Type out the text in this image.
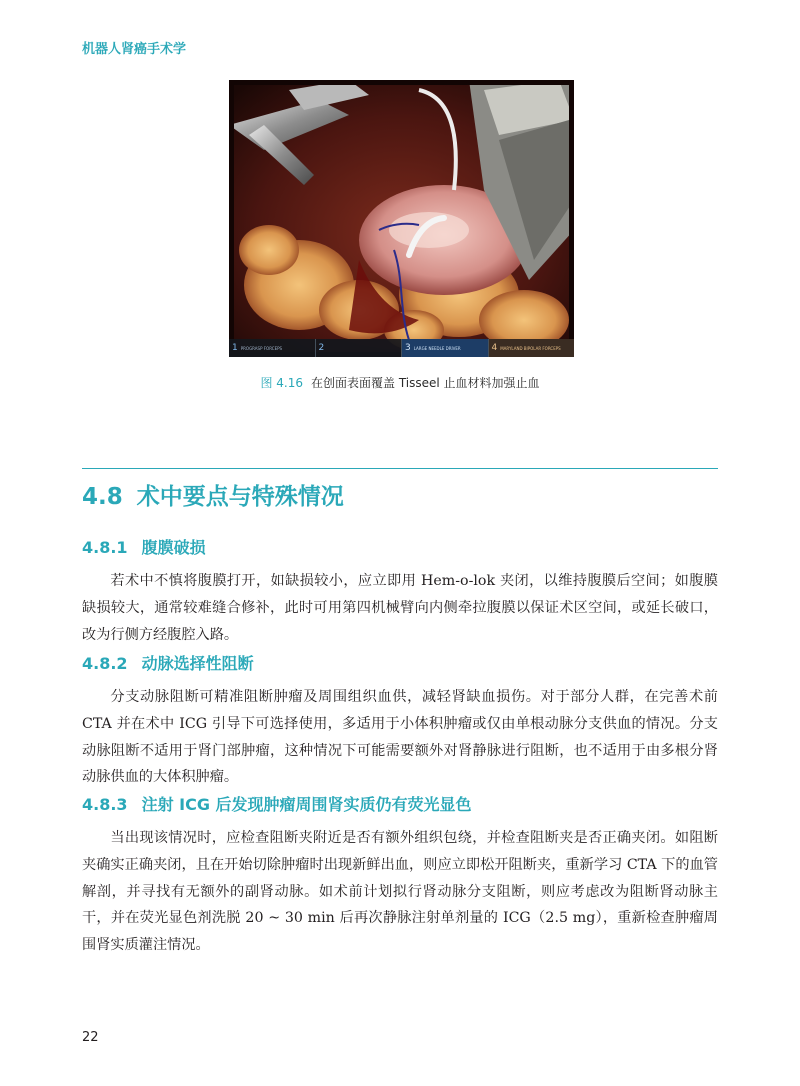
机器人肾癌手术学
1 PROGRASP FORCEPS	2	3 LARGE NEEDLE DRIVER	4 MARYLAND BIPOLAR FORCEPS
图 4.16 在创面表面覆盖 Tisseel 止血材料加强止血
4.8 术中要点与特殊情况
4.8.1 腹膜破损
若术中不慎将腹膜打开，如缺损较小，应立即用 Hem-o-lok 夹闭，以维持腹膜后空间；如腹膜缺损较大，通常较难缝合修补，此时可用第四机械臂向内侧牵拉腹膜以保证术区空间，或延长破口，改为行侧方经腹腔入路。
4.8.2 动脉选择性阻断
分支动脉阻断可精准阻断肿瘤及周围组织血供，减轻肾缺血损伤。对于部分人群，在完善术前 CTA 并在术中 ICG 引导下可选择使用，多适用于小体积肿瘤或仅由单根动脉分支供血的情况。分支动脉阻断不适用于肾门部肿瘤，这种情况下可能需要额外对肾静脉进行阻断，也不适用于由多根分肾动脉供血的大体积肿瘤。
4.8.3 注射 ICG 后发现肿瘤周围肾实质仍有荧光显色
当出现该情况时，应检查阻断夹附近是否有额外组织包绕，并检查阻断夹是否正确夹闭。如阻断夹确实正确夹闭，且在开始切除肿瘤时出现新鲜出血，则应立即松开阻断夹，重新学习 CTA 下的血管解剖，并寻找有无额外的副肾动脉。如术前计划拟行肾动脉分支阻断，则应考虑改为阻断肾动脉主干，并在荧光显色剂洗脱 20 ~ 30 min 后再次静脉注射单剂量的 ICG（2.5 mg），重新检查肿瘤周围肾实质灌注情况。
22
